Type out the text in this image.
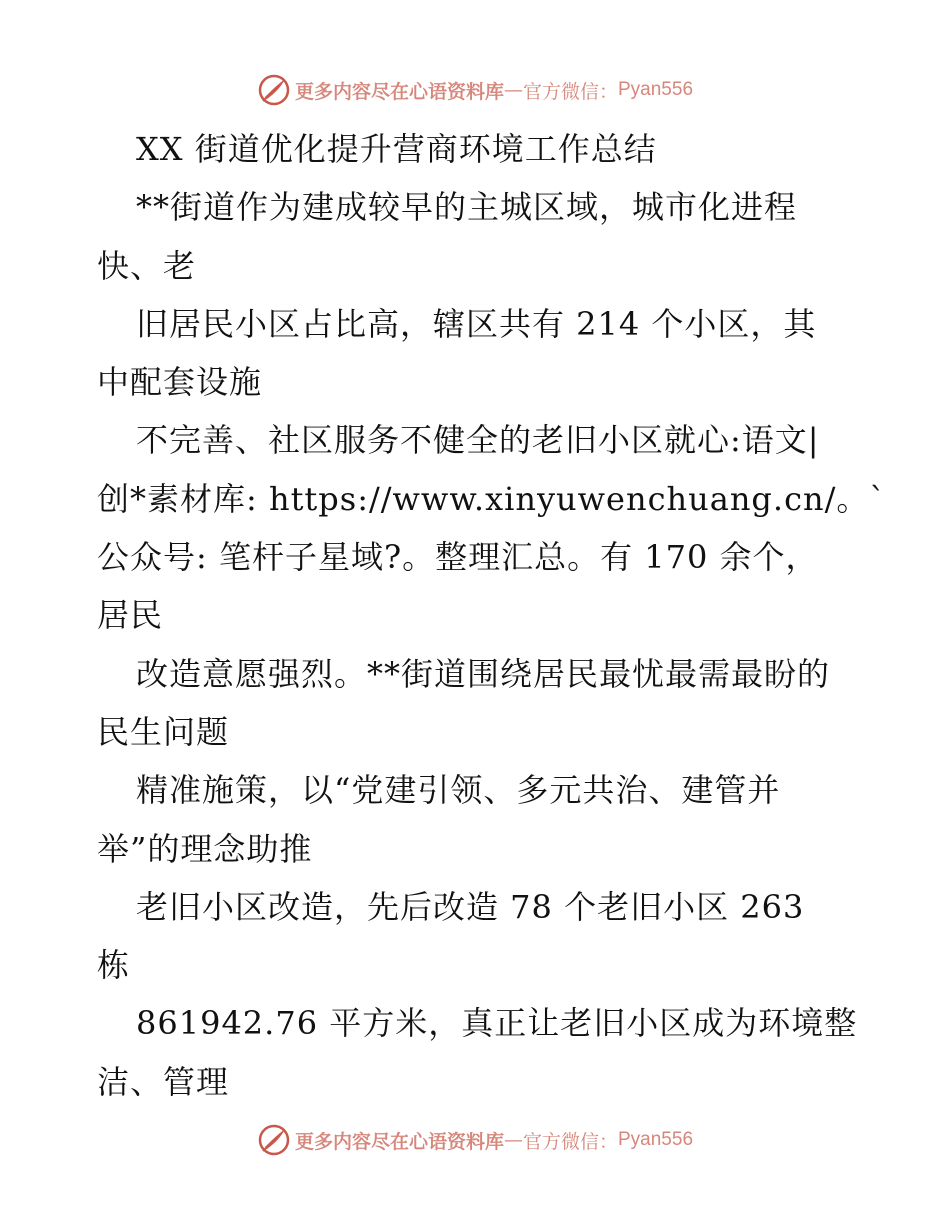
更多内容尽在心语资料库 — 官方微信： Pyan556
XX 街道优化提升营商环境工作总结
**街道作为建成较早的主城区域，城市化进程
快、老
旧居民小区占比高，辖区共有 214 个小区，其
中配套设施
不完善、社区服务不健全的老旧小区就心:语文|
创*素材库: https://www.xinyuwenchuang.cn/。`
公众号: 笔杆子星域?。整理汇总。有 170 余个，
居民
改造意愿强烈。**街道围绕居民最忧最需最盼的
民生问题
精准施策，以“党建引领、多元共治、建管并
举”的理念助推
老旧小区改造，先后改造 78 个老旧小区 263
栋
861942.76 平方米，真正让老旧小区成为环境整
洁、管理
更多内容尽在心语资料库 — 官方微信： Pyan556
